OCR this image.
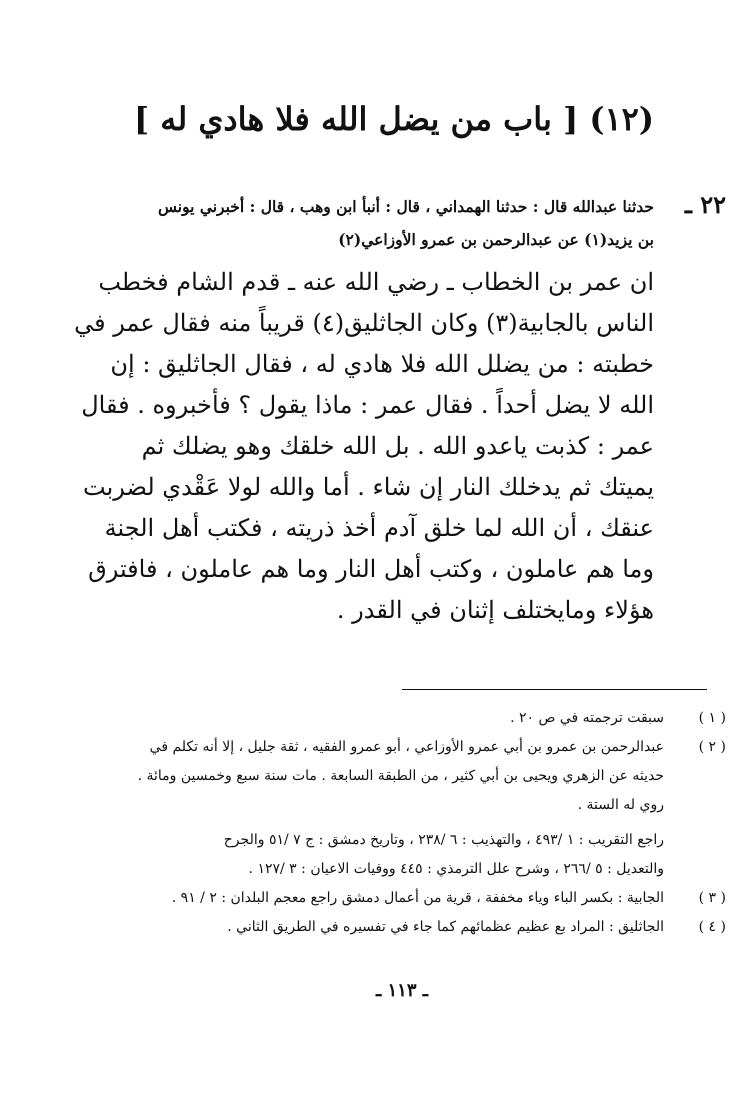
(١٢) [ باب من يضل الله فلا هادي له ]
٢٢ ـ

حدثنا عبدالله قال : حدثنا الهمداني ، قال : أنبأ ابن وهب ، قال : أخبرني يونس

بن يزيد(١) عن عبدالرحمن بن عمرو الأوزاعي(٢)

ان عمر بن الخطاب ـ رضي الله عنه ـ قدم الشام فخطب

الناس بالجابية(٣) وكان الجاثليق(٤) قريباً منه فقال عمر في

خطبته : من يضلل الله فلا هادي له ، فقال الجاثليق : إن

الله لا يضل أحداً . فقال عمر : ماذا يقول ؟ فأخبروه . فقال

عمر : كذبت ياعدو الله . بل الله خلقك وهو يضلك ثم

يميتك ثم يدخلك النار إن شاء . أما والله لولا عَقْدي لضربت

عنقك ، أن الله لما خلق آدم أخذ ذريته ، فكتب أهل الجنة

وما هم عاملون ، وكتب أهل النار وما هم عاملون ، فافترق

هؤلاء ومايختلف إثنان في القدر .

( ١ )
سبقت ترجمته في ص ٢٠ .
( ٢ )
عبدالرحمن بن عمرو بن أبي عمرو الأوزاعي ، أبو عمرو الفقيه ، ثقة جليل ، إلا أنه تكلم في
حديثه عن الزهري ويحيى بن أبي كثير ، من الطبقة السابعة . مات سنة سبع وخمسين ومائة .
روي له الستة .
راجع التقريب : ١ /٤٩٣ ، والتهذيب : ٦ /٢٣٨ ، وتاريخ دمشق : ج ٧ /٥١ والجرح
والتعديل : ٥ /٢٦٦ ، وشرح علل الترمذي : ٤٤٥ ووفيات الاعيان : ٣ /١٢٧ .
( ٣ )
الجابية : بكسر الباء وياء مخففة ، قرية من أعمال دمشق راجع معجم البلدان : ٢ / ٩١ .
( ٤ )
الجاثليق : المراد بع عظيم عظمائهم كما جاء في تفسيره في الطريق الثاني .
ـ ١١٣ ـ
